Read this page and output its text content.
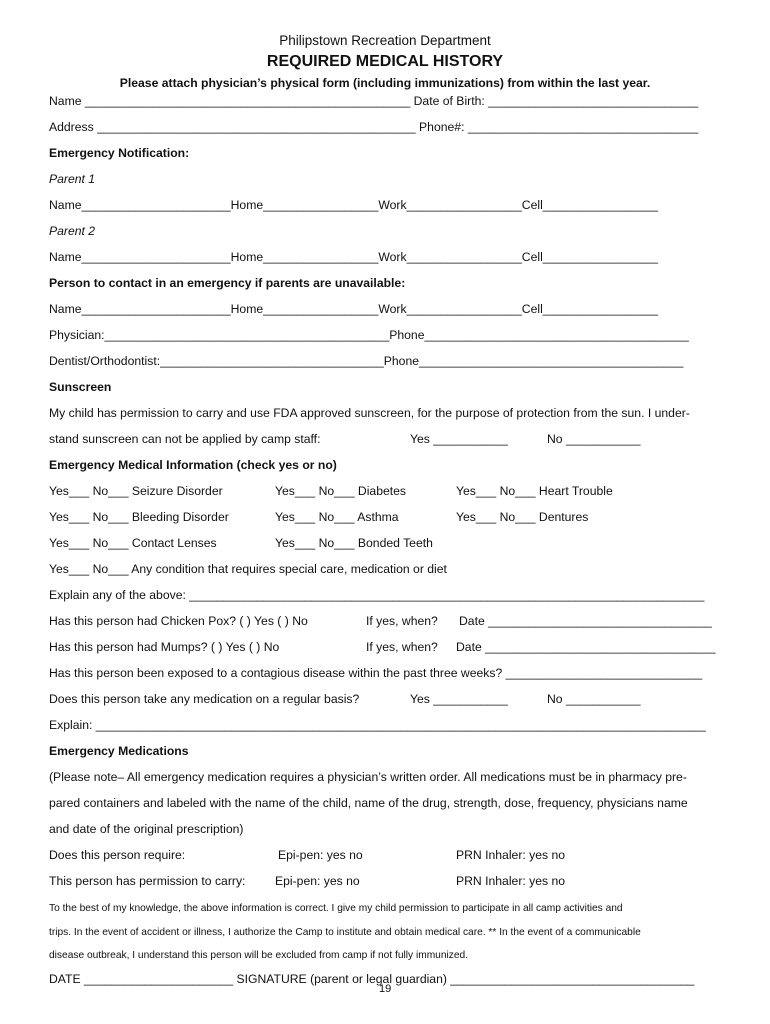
Philipstown Recreation Department
REQUIRED MEDICAL HISTORY
Please attach physician’s physical form (including immunizations) from within the last year.
Name ________________________________________________ Date of Birth: _______________________________
Address _______________________________________________ Phone#: __________________________________
Emergency Notification:
Parent 1
Name______________________Home_________________Work_________________Cell_________________
Parent 2
Name______________________Home_________________Work_________________Cell_________________
Person to contact in an emergency if parents are unavailable:
Name______________________Home_________________Work_________________Cell_________________
Physician:__________________________________________Phone_______________________________________
Dentist/Orthodontist:_________________________________Phone_______________________________________
Sunscreen
My child has permission to carry and use FDA approved sunscreen, for the purpose of protection from the sun. I under-
stand sunscreen can not be applied by camp staff:	Yes ___________	No ___________
Emergency Medical Information (check yes or no)
Yes___ No___ Seizure Disorder	Yes___ No___ Diabetes	Yes___ No___ Heart Trouble
Yes___ No___ Bleeding Disorder	Yes___ No___ Asthma	Yes___ No___ Dentures
Yes___ No___ Contact Lenses	Yes___ No___ Bonded Teeth
Yes___ No___ Any condition that requires special care, medication or diet
Explain any of the above: ____________________________________________________________________________
Has this person had Chicken Pox? ( ) Yes ( ) No	If yes, when? Date _________________________________
Has this person had Mumps? ( ) Yes ( ) No	If yes, when? Date __________________________________
Has this person been exposed to a contagious disease within the past three weeks? _____________________________
Does this person take any medication on a regular basis?	Yes ___________	No ___________
Explain: __________________________________________________________________________________________
Emergency Medications
(Please note– All emergency medication requires a physician’s written order. All medications must be in pharmacy pre-
pared containers and labeled with the name of the child, name of the drug, strength, dose, frequency, physicians name
and date of the original prescription)
Does this person require:	Epi-pen: yes no	PRN Inhaler: yes no
This person has permission to carry: Epi-pen: yes no	PRN Inhaler: yes no
To the best of my knowledge, the above information is correct. I give my child permission to participate in all camp activities and
trips. In the event of accident or illness, I authorize the Camp to institute and obtain medical care. ** In the event of a communicable
disease outbreak, I understand this person will be excluded from camp if not fully immunized.
DATE ______________________ SIGNATURE (parent or legal guardian) ____________________________________
19
